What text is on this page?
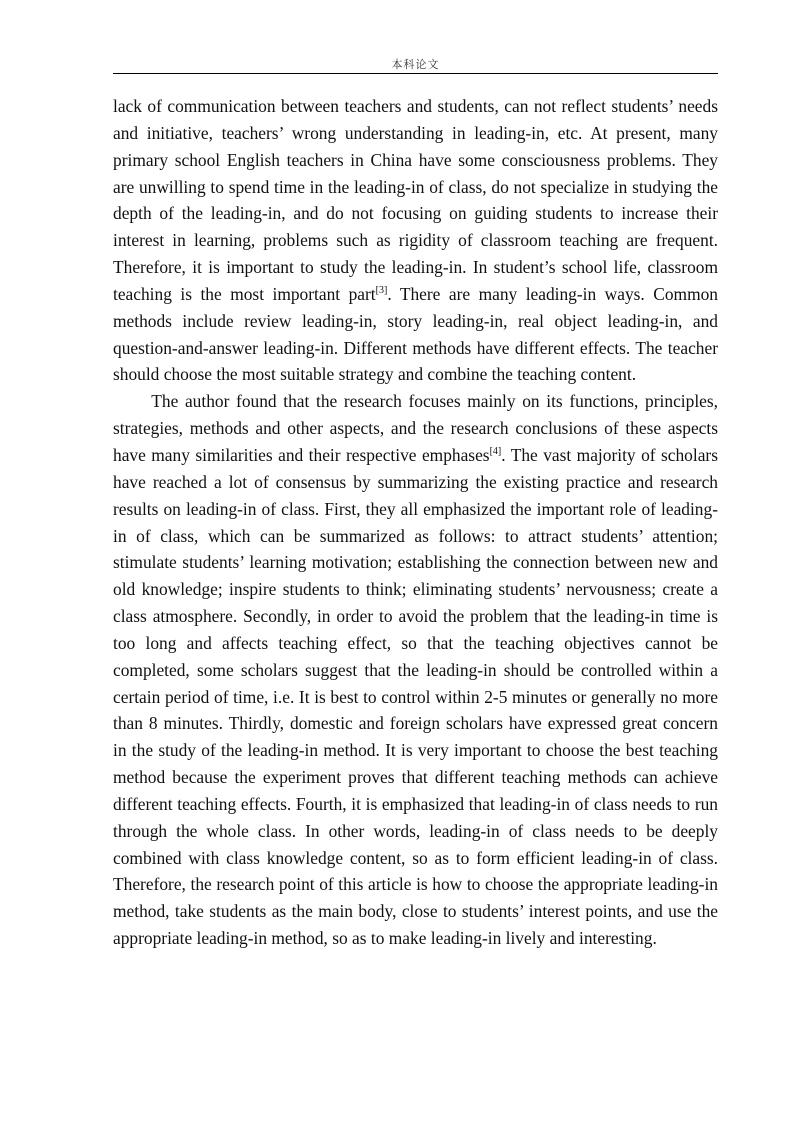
本科论文

lack of communication between teachers and students, can not reflect students’ needs and initiative, teachers’ wrong understanding in leading-in, etc. At present, many primary school English teachers in China have some consciousness problems. They are unwilling to spend time in the leading-in of class, do not specialize in studying the depth of the leading-in, and do not focusing on guiding students to increase their interest in learning, problems such as rigidity of classroom teaching are frequent. Therefore, it is important to study the leading-in. In student’s school life, classroom teaching is the most important part[3]. There are many leading-in ways. Common methods include review leading-in, story leading-in, real object leading-in, and question-and-answer leading-in. Different methods have different effects. The teacher should choose the most suitable strategy and combine the teaching content.

The author found that the research focuses mainly on its functions, principles, strategies, methods and other aspects, and the research conclusions of these aspects have many similarities and their respective emphases[4]. The vast majority of scholars have reached a lot of consensus by summarizing the existing practice and research results on leading-in of class. First, they all emphasized the important role of leading-in of class, which can be summarized as follows: to attract students’ attention; stimulate students’ learning motivation; establishing the connection between new and old knowledge; inspire students to think; eliminating students’ nervousness; create a class atmosphere. Secondly, in order to avoid the problem that the leading-in time is too long and affects teaching effect, so that the teaching objectives cannot be completed, some scholars suggest that the leading-in should be controlled within a certain period of time, i.e. It is best to control within 2-5 minutes or generally no more than 8 minutes. Thirdly, domestic and foreign scholars have expressed great concern in the study of the leading-in method. It is very important to choose the best teaching method because the experiment proves that different teaching methods can achieve different teaching effects. Fourth, it is emphasized that leading-in of class needs to run through the whole class. In other words, leading-in of class needs to be deeply combined with class knowledge content, so as to form efficient leading-in of class. Therefore, the research point of this article is how to choose the appropriate leading-in method, take students as the main body, close to students’ interest points, and use the appropriate leading-in method, so as to make leading-in lively and interesting.
